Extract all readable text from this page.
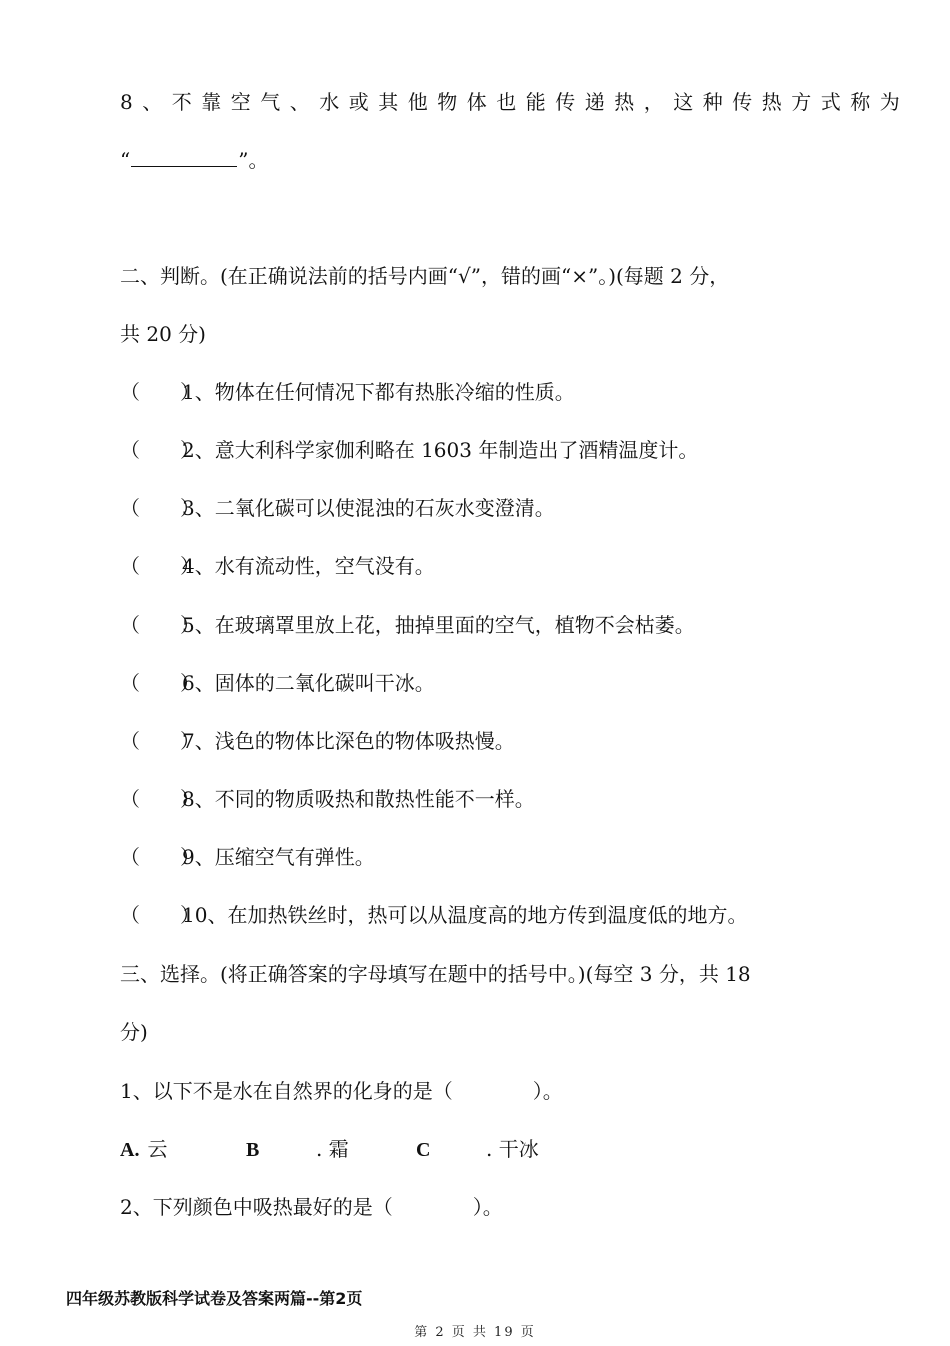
8、不靠空气、水或其他物体也能传递热，这种传热方式称为
“	”。
二、判断。(在正确说法前的括号内画“√”，错的画“×”。)(每题 2 分，
共 20 分)
（　　）1、物体在任何情况下都有热胀冷缩的性质。
（　　）2、意大利科学家伽利略在 1603 年制造出了酒精温度计。
（　　）3、二氧化碳可以使混浊的石灰水变澄清。
（　　）4、水有流动性，空气没有。
（　　）5、在玻璃罩里放上花，抽掉里面的空气，植物不会枯萎。
（　　）6、固体的二氧化碳叫干冰。
（　　）7、浅色的物体比深色的物体吸热慢。
（　　）8、不同的物质吸热和散热性能不一样。
（　　）9、压缩空气有弹性。
（　　）10、在加热铁丝时，热可以从温度高的地方传到温度低的地方。
三、选择。(将正确答案的字母填写在题中的括号中。)(每空 3 分，共 18
分)
1、以下不是水在自然界的化身的是（　　　　）。
A. 云	B	. 霜	C	. 干冰
2、下列颜色中吸热最好的是（　　　　）。
四年级苏教版科学试卷及答案两篇--第2页
第 2 页 共 19 页
